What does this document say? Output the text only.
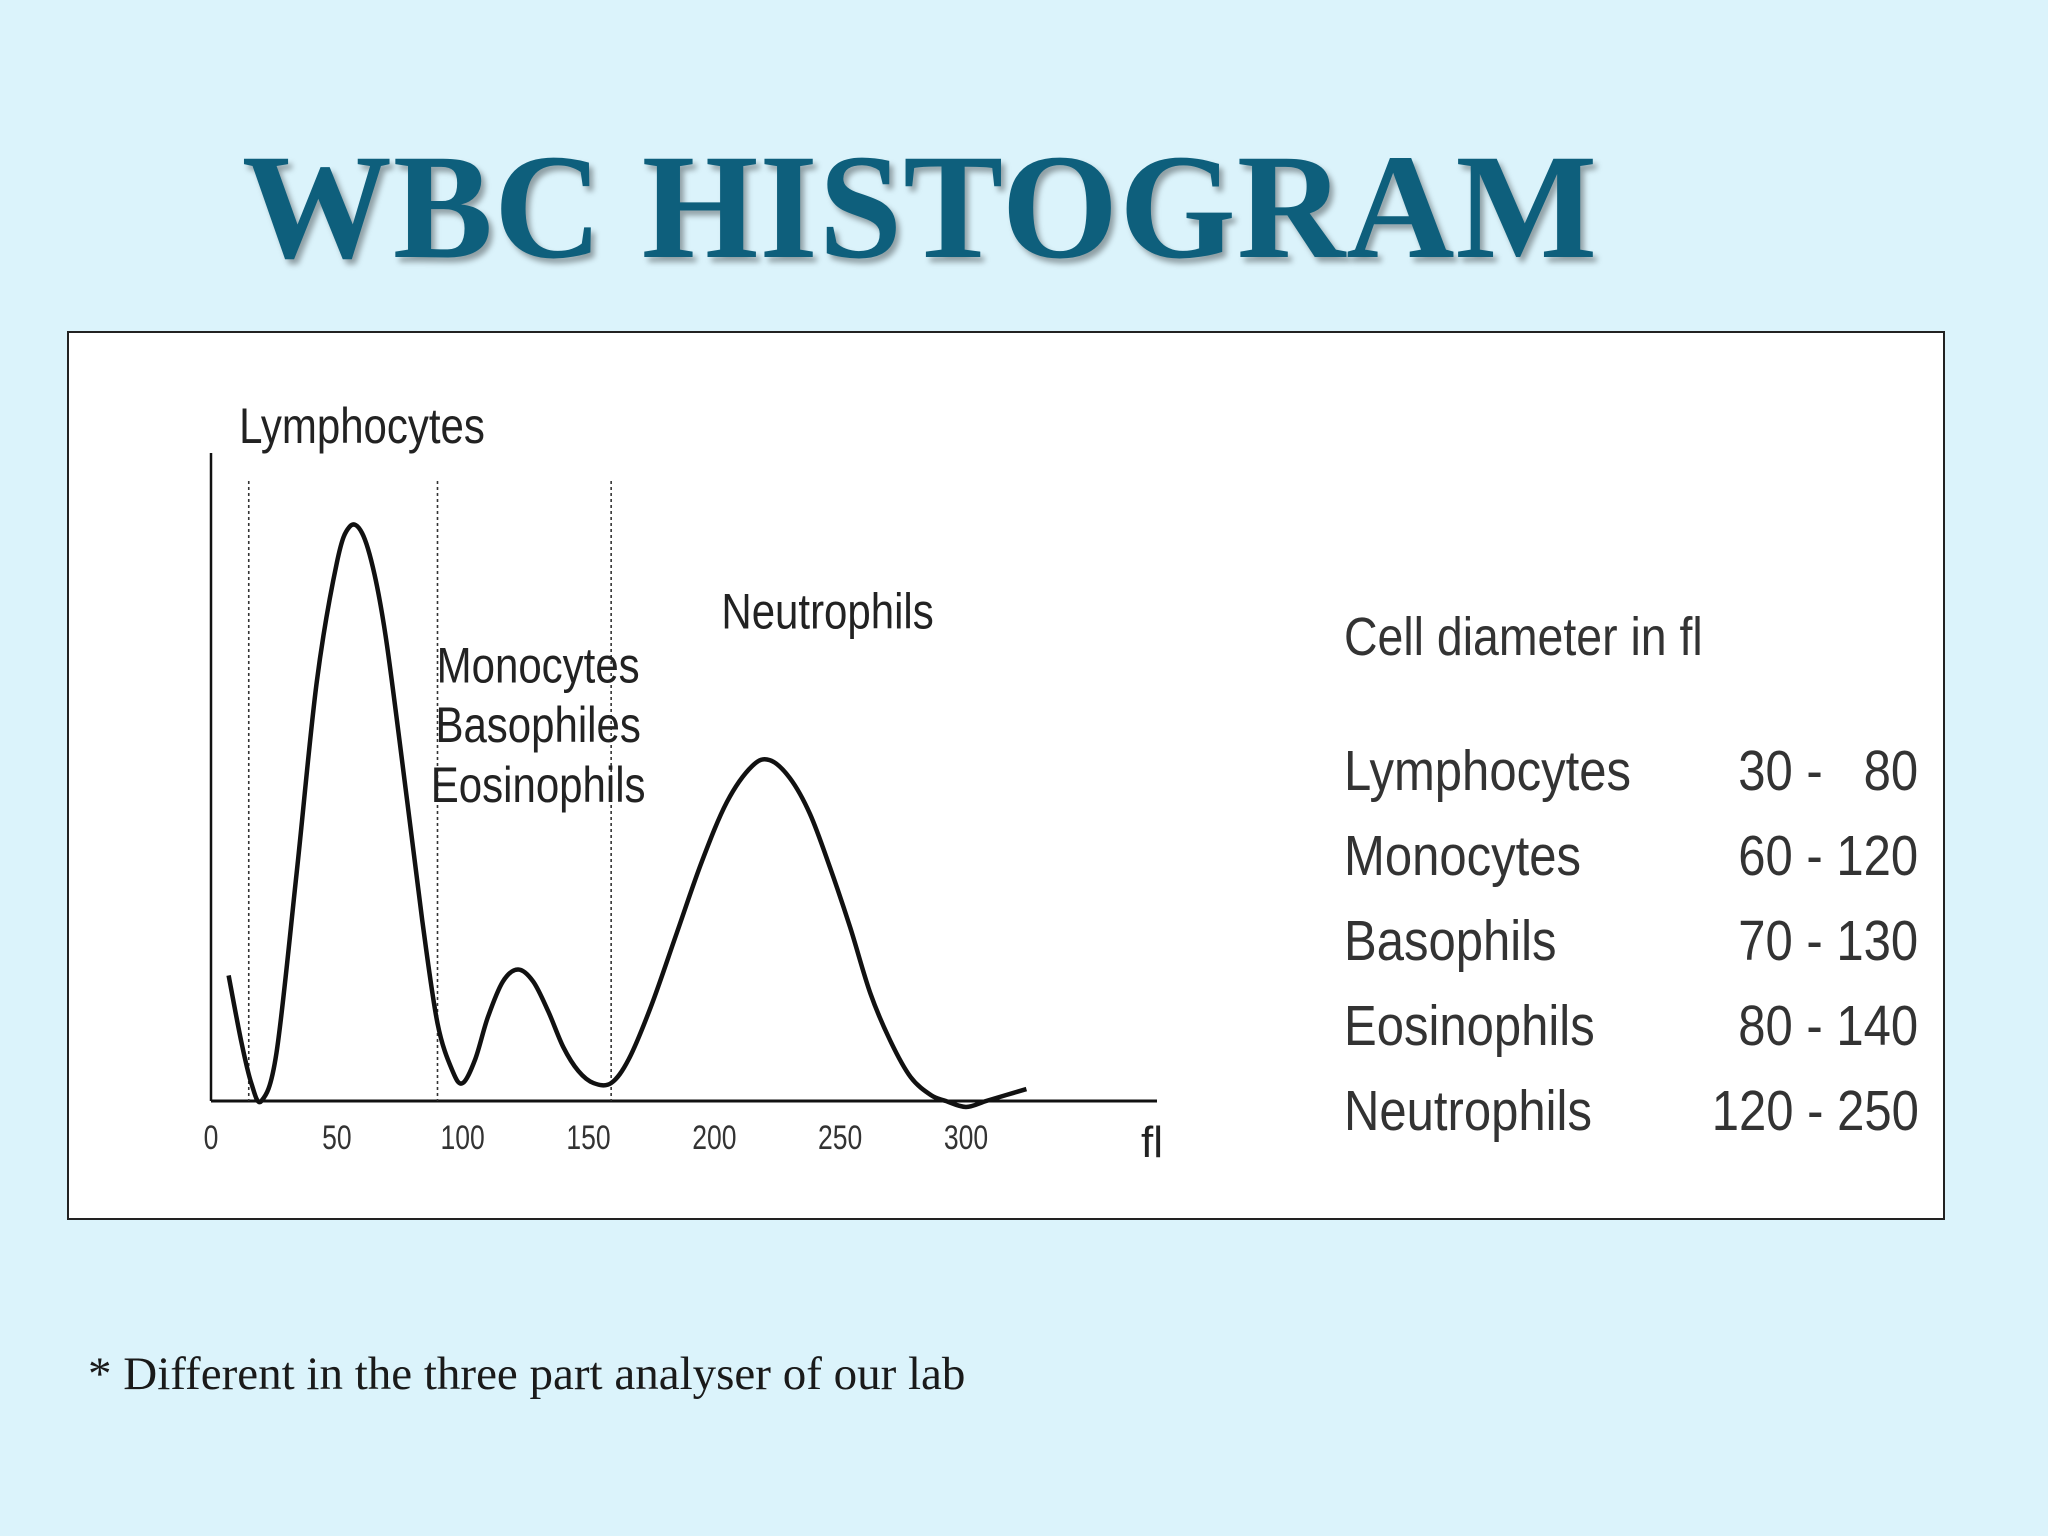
WBC HISTOGRAM
0	50	100 150 200 250 300	fl
Lymphocytes
Monocytes
Basophiles
Eosinophils
Neutrophils	Cell diameter in fl
Lymphocytes	30 -   80
Monocytes	60 - 120
Basophils	70 - 130
Eosinophils	80 - 140
Neutrophils	120 - 250
* Different in the three part analyser of our lab
